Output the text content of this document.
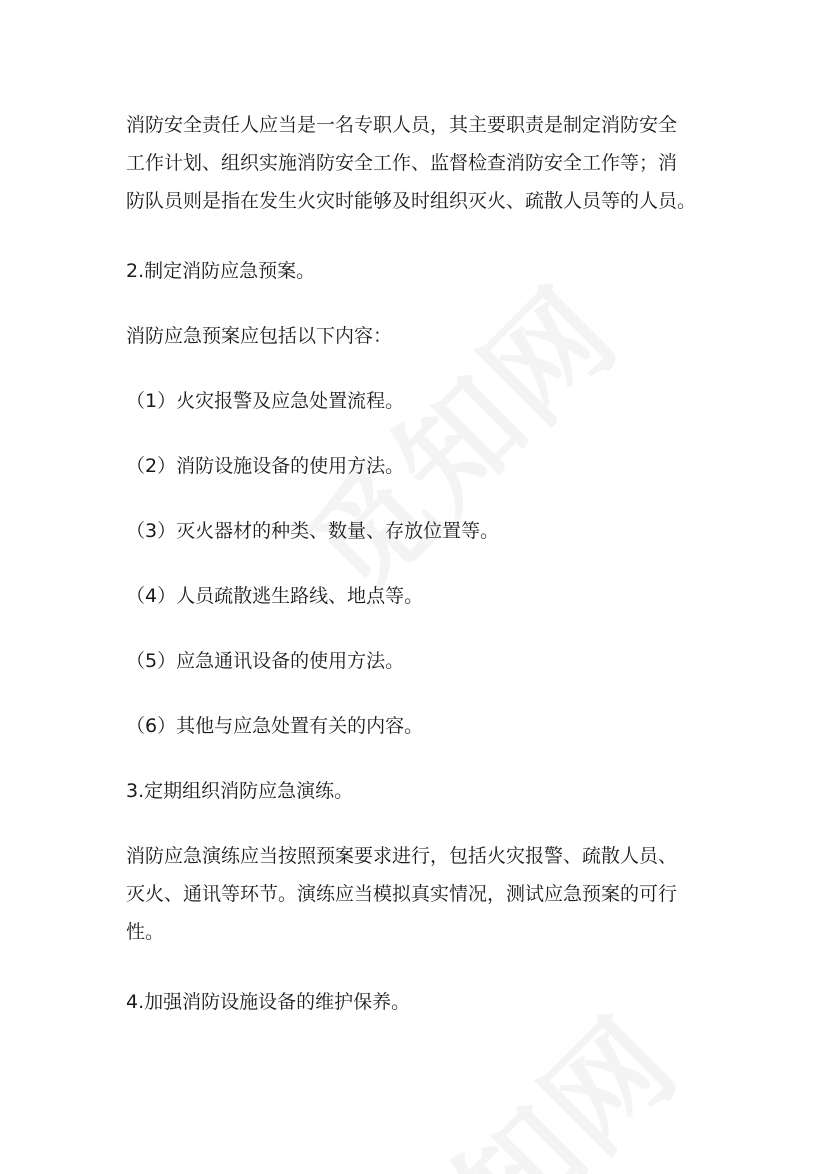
消防安全责任人应当是一名专职人员，其主要职责是制定消防安全
工作计划、组织实施消防安全工作、监督检查消防安全工作等；消
防队员则是指在发生火灾时能够及时组织灭火、疏散人员等的人员。
2.制定消防应急预案。
消防应急预案应包括以下内容：
（1）火灾报警及应急处置流程。
（2）消防设施设备的使用方法。
（3）灭火器材的种类、数量、存放位置等。
（4）人员疏散逃生路线、地点等。
（5）应急通讯设备的使用方法。
（6）其他与应急处置有关的内容。
3.定期组织消防应急演练。
消防应急演练应当按照预案要求进行，包括火灾报警、疏散人员、
灭火、通讯等环节。演练应当模拟真实情况，测试应急预案的可行
性。
4.加强消防设施设备的维护保养。
